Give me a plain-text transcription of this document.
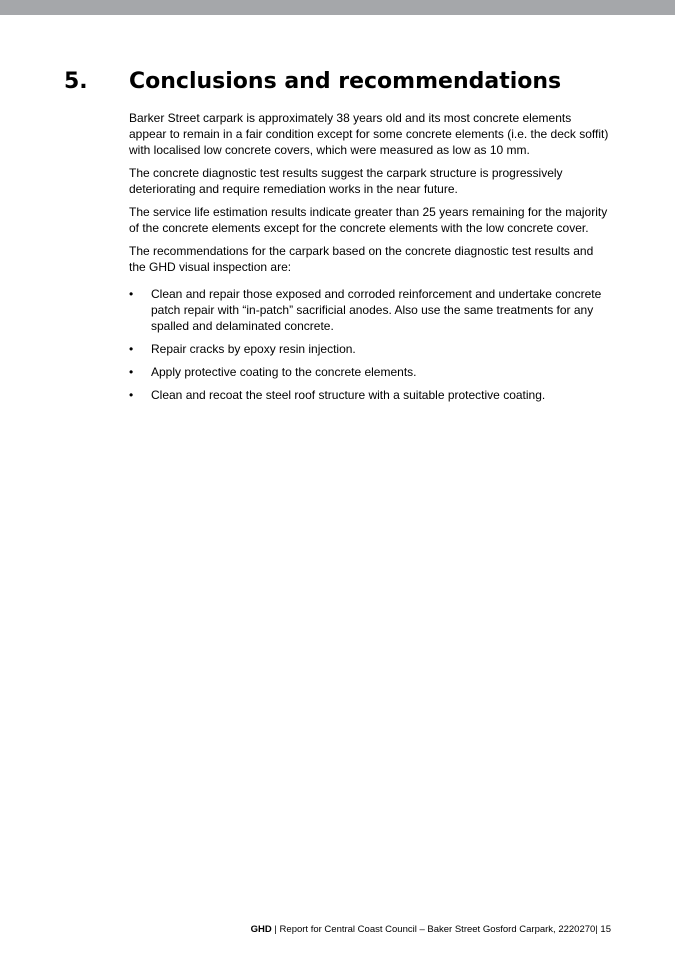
5. Conclusions and recommendations

Barker Street carpark is approximately 38 years old and its most concrete elements appear to remain in a fair condition except for some concrete elements (i.e. the deck soffit) with localised low concrete covers, which were measured as low as 10 mm.

The concrete diagnostic test results suggest the carpark structure is progressively deteriorating and require remediation works in the near future.

The service life estimation results indicate greater than 25 years remaining for the majority of the concrete elements except for the concrete elements with the low concrete cover.

The recommendations for the carpark based on the concrete diagnostic test results and the GHD visual inspection are:

• Clean and repair those exposed and corroded reinforcement and undertake concrete patch repair with “in-patch” sacrificial anodes. Also use the same treatments for any spalled and delaminated concrete.
• Repair cracks by epoxy resin injection.
• Apply protective coating to the concrete elements.
• Clean and recoat the steel roof structure with a suitable protective coating.
GHD | Report for Central Coast Council – Baker Street Gosford Carpark, 2220270| 15
